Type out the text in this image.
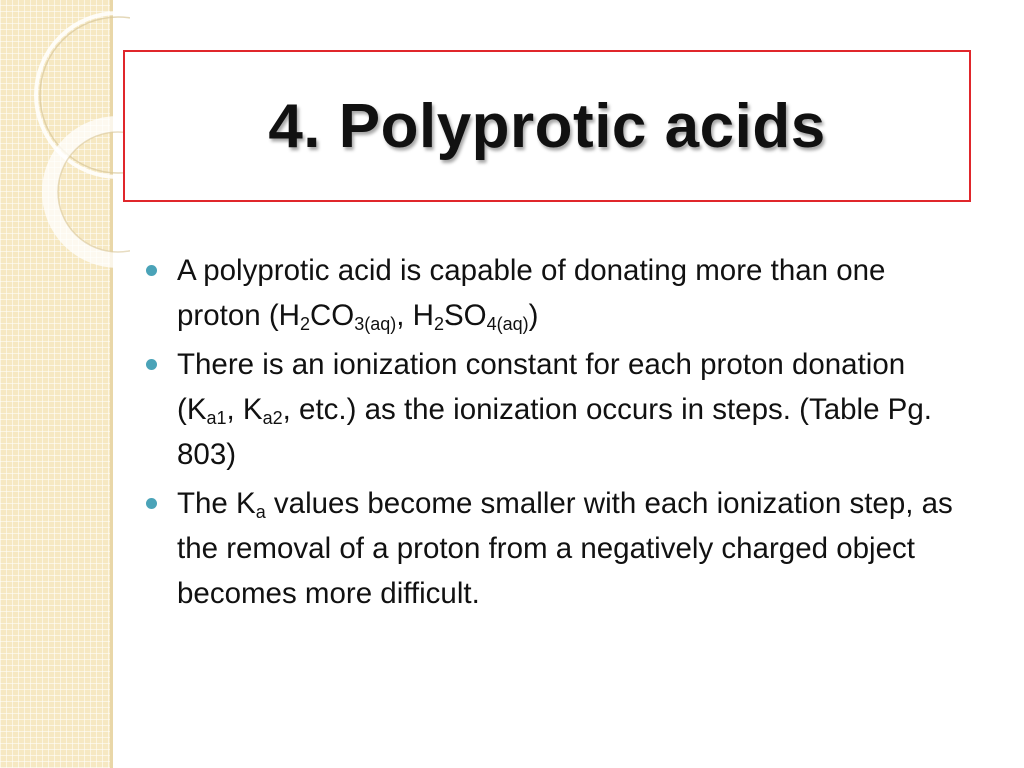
4. Polyprotic acids
A polyprotic acid is capable of donating more than one proton ($H_2CO_{3(aq)}$, $H_2SO_{4(aq)}$)
There is an ionization constant for each proton donation ($K_{a1}$, $K_{a2}$, etc.) as the ionization occurs in steps. (Table Pg. 803)
The $K_a$ values become smaller with each ionization step, as the removal of a proton from a negatively charged object becomes more difficult.
